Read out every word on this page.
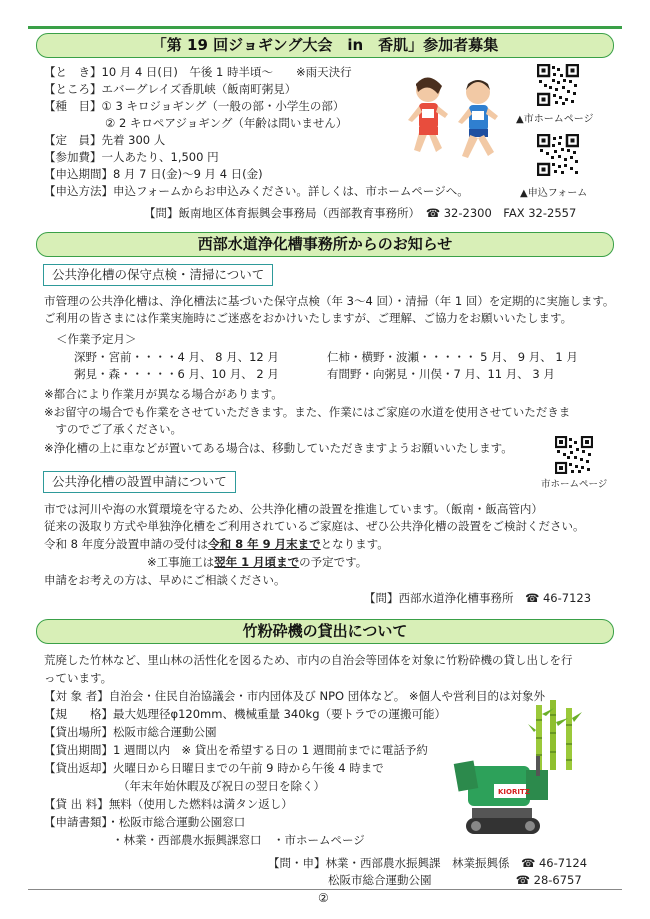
「第 19 回ジョギング大会　in　香肌」参加者募集
【と　き】10 月 4 日(日)　午後 1 時半頃〜　　※雨天決行
【ところ】エバーグレイズ香肌峡（飯南町粥見）
【種　目】① 3 キロジョギング（一般の部・小学生の部）
② 2 キロペアジョギング（年齢は問いません）
【定　員】先着 300 人
【参加費】一人あたり、1,500 円
【申込期間】8 月 7 日(金)〜9 月 4 日(金)
【申込方法】申込フォームからお申込みください。詳しくは、市ホームページへ。
【問】飯南地区体育振興会事務局（西部教育事務所）　☎ 32-2300　FAX 32-2557
▲市ホームページ
▲申込フォーム
西部水道浄化槽事務所からのお知らせ
公共浄化槽の保守点検・清掃について
市管理の公共浄化槽は、浄化槽法に基づいた保守点検（年 3〜4 回）・清掃（年 1 回）を定期的に実施します。
ご利用の皆さまには作業実施時にご迷惑をおかけいたしますが、ご理解、ご協力をお願いいたします。
＜作業予定月＞
深野・宮前・・・・4 月、 8 月、12 月	仁柿・横野・波瀬・・・・・ 5 月、 9 月、 1 月
粥見・森・・・・・6 月、10 月、 2 月	有間野・向粥見・川俣・7 月、11 月、 3 月
※都合により作業月が異なる場合があります。
※お留守の場合でも作業をさせていただきます。また、作業にはご家庭の水道を使用させていただきま
　すのでご了承ください。
※浄化槽の上に車などが置いてある場合は、移動していただきますようお願いいたします。
市ホームページ
公共浄化槽の設置申請について
市では河川や海の水質環境を守るため、公共浄化槽の設置を推進しています。（飯南・飯高管内）
従来の汲取り方式や単独浄化槽をご利用されているご家庭は、ぜひ公共浄化槽の設置をご検討ください。
令和 8 年度分設置申請の受付は令和 8 年 9 月末までとなります。
※工事施工は翌年 1 月頃までの予定です。
申請をお考えの方は、早めにご相談ください。
【問】西部水道浄化槽事務所　☎ 46-7123
竹粉砕機の貸出について
荒廃した竹林など、里山林の活性化を図るため、市内の自治会等団体を対象に竹粉砕機の貸し出しを行
っています。
【対 象 者】自治会・住民自治協議会・市内団体及び NPO 団体など。 ※個人や営利目的は対象外
【規　　格】最大処理径φ120mm、機械重量 340kg（要トラでの運搬可能）
【貸出場所】松阪市総合運動公園
【貸出期間】1 週間以内　※ 貸出を希望する日の 1 週間前までに電話予約
【貸出返却】火曜日から日曜日までの午前 9 時から午後 4 時まで
（年末年始休暇及び祝日の翌日を除く）
【貸 出 料】無料（使用した燃料は満タン返し）
【申請書類】・松阪市総合運動公園窓口
・林業・西部農水振興課窓口　・市ホームページ
KIORITZ
【問・申】林業・西部農水振興課　林業振興係　☎ 46-7124
松阪市総合運動公園　　　　　　　 ☎ 28-6757
②
